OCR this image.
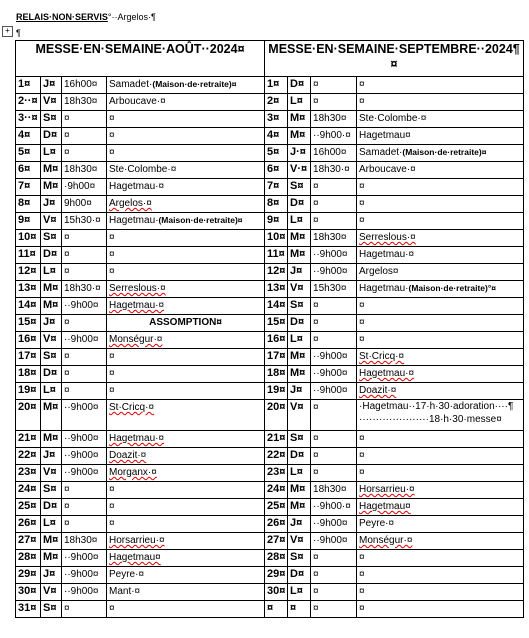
+
RELAIS·NON·SERVIS°··Argelos·¶
¶
MESSE·EN·SEMAINE·AOÛT··2024¤				MESSE·EN·SEMAINE·SEPTEMBRE··2024¶
¤			
1¤	J¤	16h00¤	Samadet·(Maison·de·retraite)¤	1¤	D¤	¤	¤
2··¤	V¤	18h30¤	Arboucave·¤	2¤	L¤	¤	¤
3··¤	S¤	¤	¤	3¤	M¤	18h30¤	Ste·Colombe·¤
4¤	D¤	¤	¤	4¤	M¤	··9h00·¤	Hagetmau¤
5¤	L¤	¤	¤	5¤	J·¤	16h00¤	Samadet·(Maison·de·retraite)¤
6¤	M¤	18h30¤	Ste·Colombe·¤	6¤	V·¤	18h30·¤	Arboucave·¤
7¤	M¤	·9h00¤	Hagetmau·¤	7¤	S¤	¤	¤
8¤	J¤	9h00¤	Argelos·¤	8¤	D¤	¤	¤
9¤	V¤	15h30·¤	Hagetmau·(Maison·de·retraite)¤	9¤	L¤	¤	¤
10¤	S¤	¤	¤	10¤	M¤	18h30¤	Serreslous·¤
11¤	D¤	¤	¤	11¤	M¤	··9h00¤	Hagetmau·¤
12¤	L¤	¤	¤	12¤	J¤	··9h00¤	Argelos¤
13¤	M¤	18h30·¤	Serreslous·¤	13¤	V¤	15h30¤	Hagetmau·(Maison·de·retraite)°¤
14¤	M¤	··9h00¤	Hagetmau·¤	14¤	S¤	¤	¤
15¤	J¤	¤	ASSOMPTION¤	15¤	D¤	¤	¤
16¤	V¤	··9h00¤	Monségur·¤	16¤	L¤	¤	¤
17¤	S¤	¤	¤	17¤	M¤	··9h00¤	St·Cricq·¤
18¤	D¤	¤	¤	18¤	M¤	··9h00¤	Hagetmau·¤
19¤	L¤	¤	¤	19¤	J¤	··9h00¤	Doazit·¤
20¤	M¤	··9h00¤	St·Cricq·¤	20¤	V¤	¤	·Hagetmau··17·h·30·adoration····¶
·····················18·h·30·messe¤

21¤	M¤	··9h00¤	Hagetmau·¤	21¤	S¤	¤	¤
22¤	J¤	··9h00¤	Doazit·¤	22¤	D¤	¤	¤
23¤	V¤	··9h00¤	Morganx·¤	23¤	L¤	¤	¤
24¤	S¤	¤	¤	24¤	M¤	18h30¤	Horsarrieu·¤
25¤	D¤	¤	¤	25¤	M¤	··9h00·¤	Hagetmau¤
26¤	L¤	¤	¤	26¤	J¤	··9h00¤	Peyre·¤
27¤	M¤	18h30¤	Horsarrieu·¤	27¤	V¤	··9h00¤	Monségur·¤
28¤	M¤	··9h00¤	Hagetmau¤	28¤	S¤	¤	¤
29¤	J¤	··9h00¤	Peyre·¤	29¤	D¤	¤	¤
30¤	V¤	··9h00¤	Mant·¤	30¤	L¤	¤	¤
31¤	S¤	¤	¤	¤	¤	¤	¤
